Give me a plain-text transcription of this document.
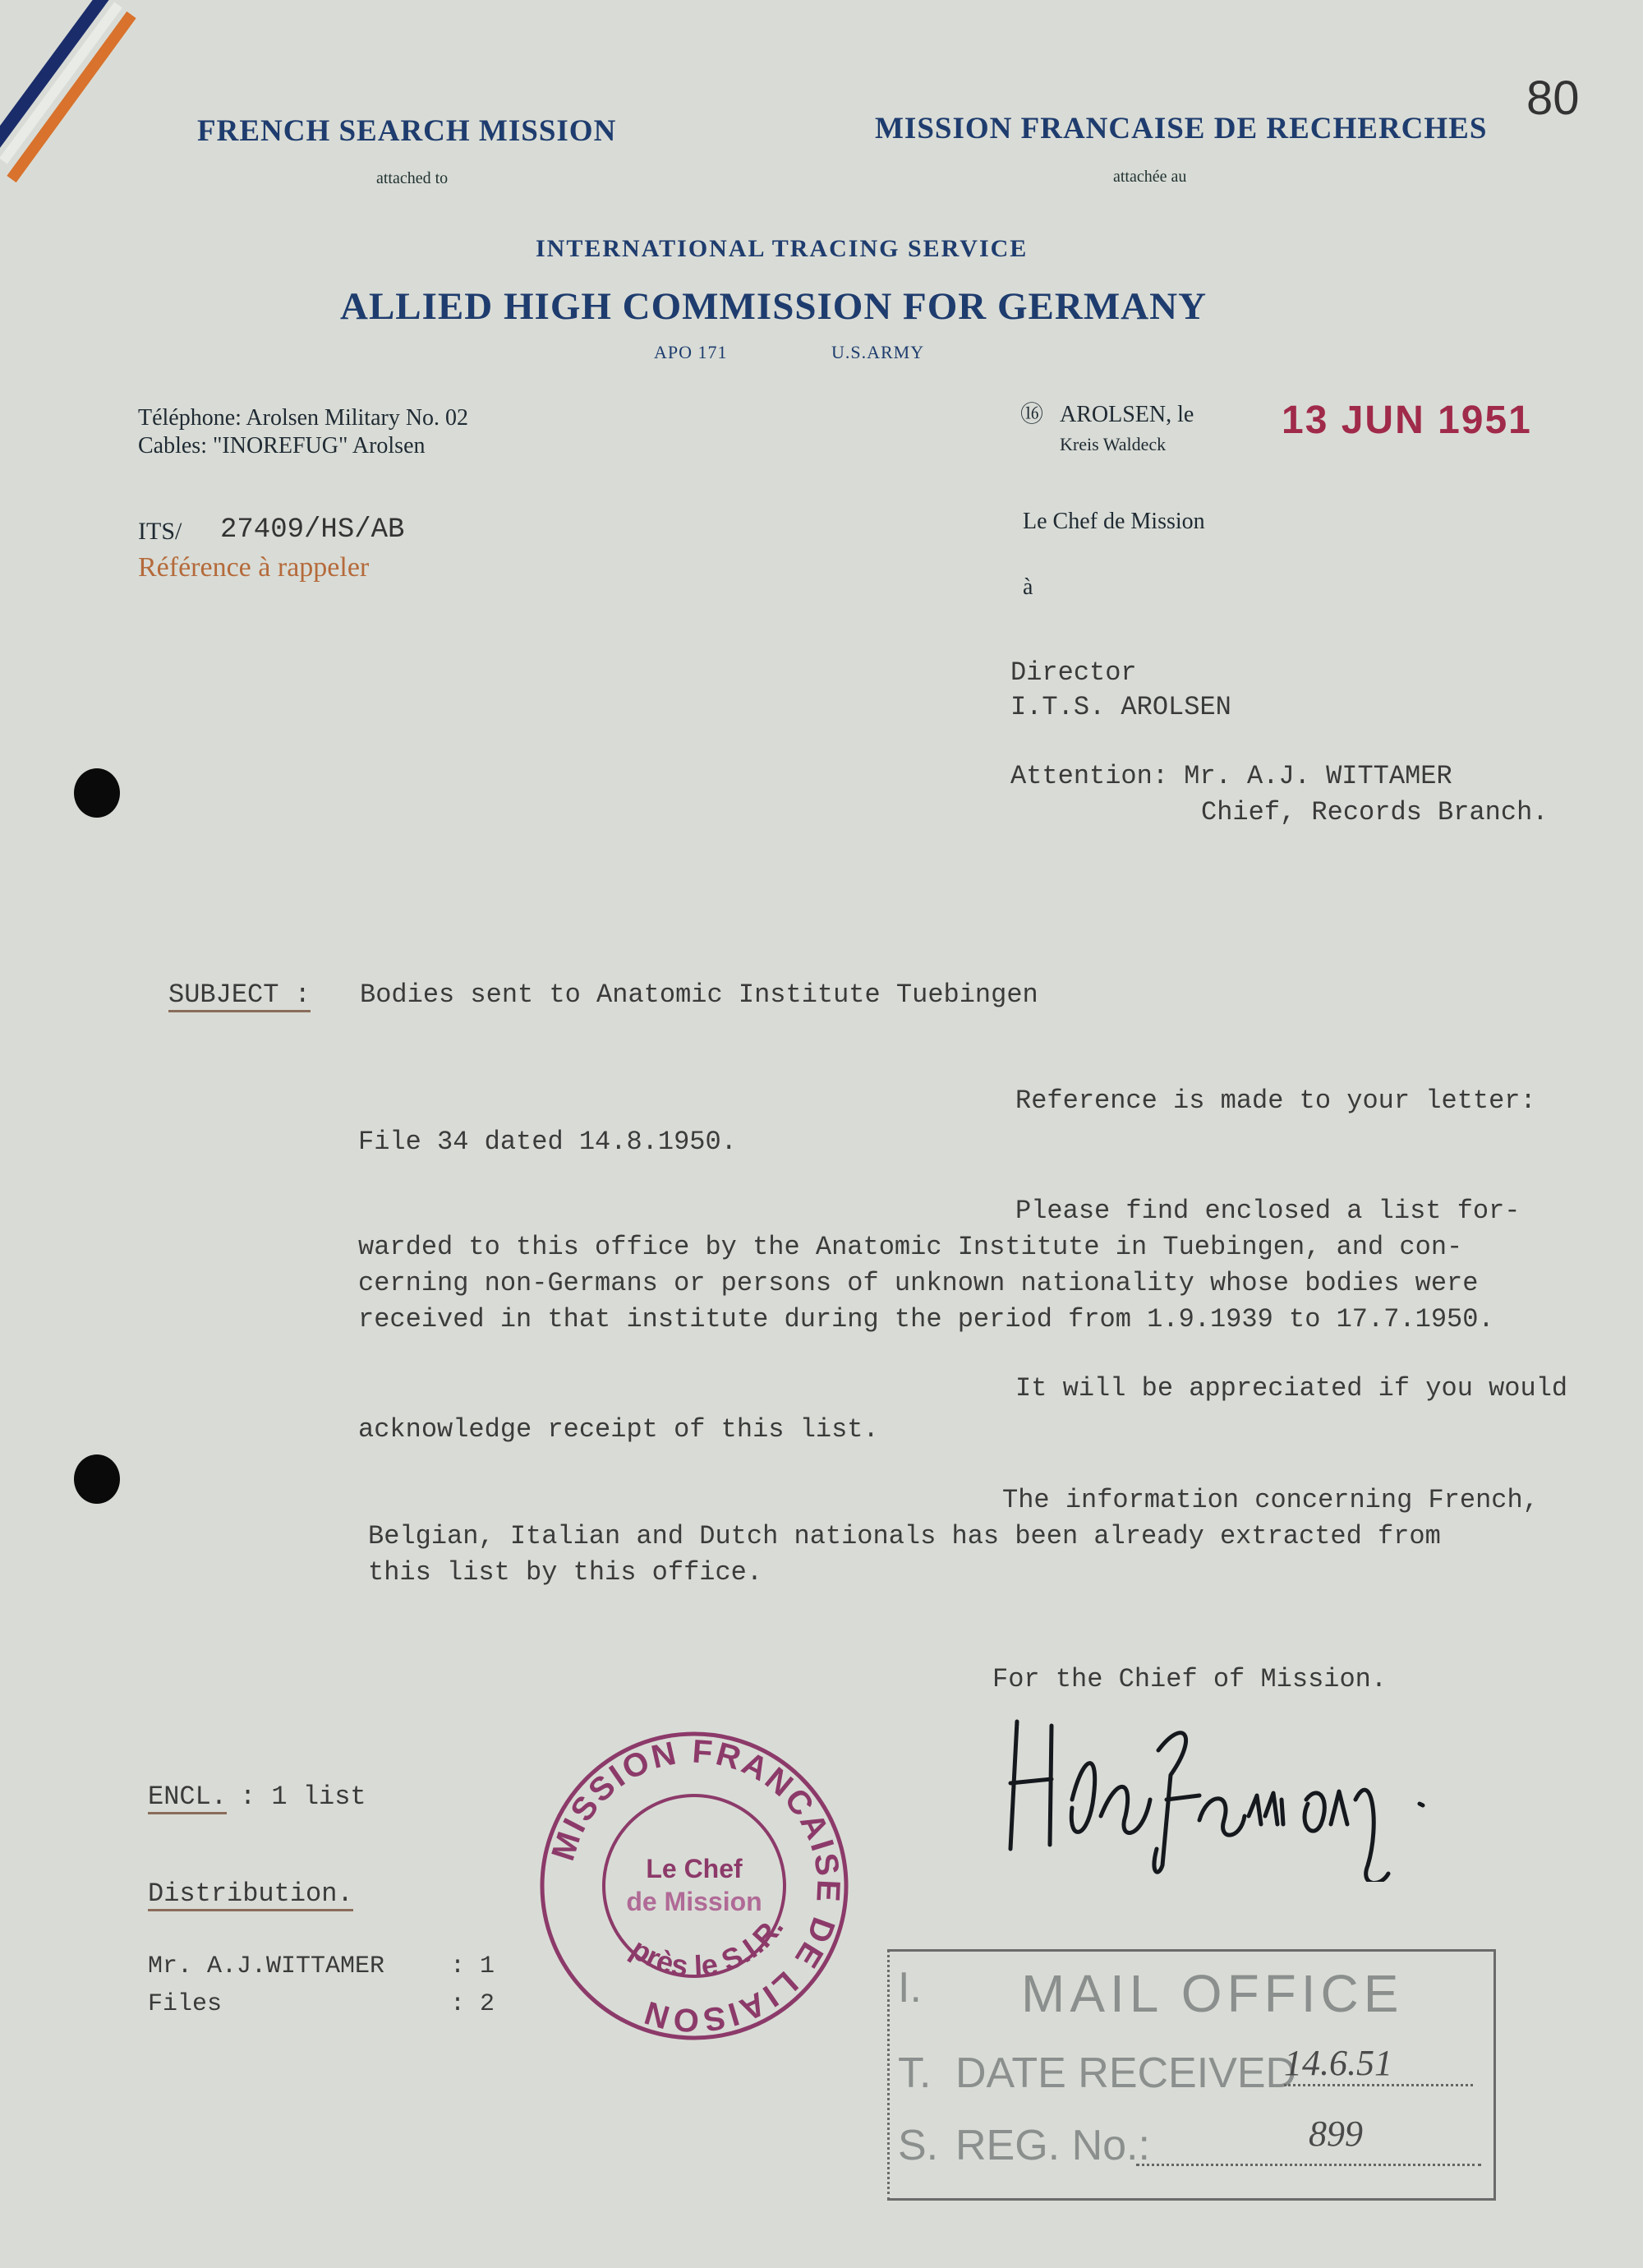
FRENCH SEARCH MISSION
attached to
MISSION FRANCAISE DE RECHERCHES
attachée au
80
INTERNATIONAL TRACING SERVICE
ALLIED HIGH COMMISSION FOR GERMANY
APO 171	U.S.ARMY
Téléphone: Arolsen Military No. 02
Cables: "INOREFUG" Arolsen
⑯ AROLSEN, le
Kreis Waldeck
13 JUN 1951
ITS/ 27409/HS/AB
Référence à rappeler
Le Chef de Mission
à
Director
I.T.S. AROLSEN
Attention: Mr. A.J. WITTAMER
Chief, Records Branch.
SUBJECT : Bodies sent to Anatomic Institute Tuebingen
Reference is made to your letter:
File 34 dated 14.8.1950.
Please find enclosed a list for-
warded to this office by the Anatomic Institute in Tuebingen, and con-
cerning non-Germans or persons of unknown nationality whose bodies were
received in that institute during the period from 1.9.1939 to 17.7.1950.
It will be appreciated if you would
acknowledge receipt of this list.
The information concerning French,
Belgian, Italian and Dutch nationals has been already extracted from
this list by this office.
For the Chief of Mission.
ENCL. : 1 list
Distribution.
Mr. A.J.WITTAMER	: 1
Files	: 2
MISSION FRANCAISE DE LIAISON
près le S.I.R.
Le Chef
de Mission
I. MAIL OFFICE
T. DATE RECEIVED
14.6.51
S. REG. No.:	899
